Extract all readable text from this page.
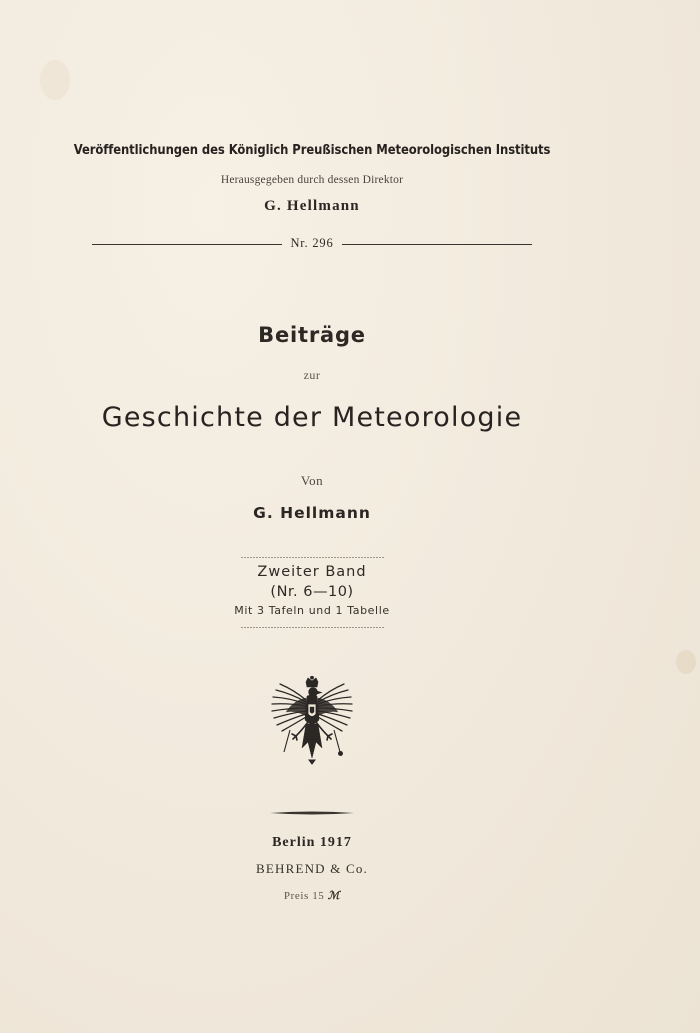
Veröffentlichungen des Königlich Preußischen Meteorologischen Instituts
Herausgegeben durch dessen Direktor
G. Hellmann
Nr. 296
Beiträge
zur
Geschichte der Meteorologie
Von
G. Hellmann
Zweiter Band
(Nr. 6—10)
Mit 3 Tafeln und 1 Tabelle
Berlin 1917
BEHREND & Co.
Preis 15 ℳ
